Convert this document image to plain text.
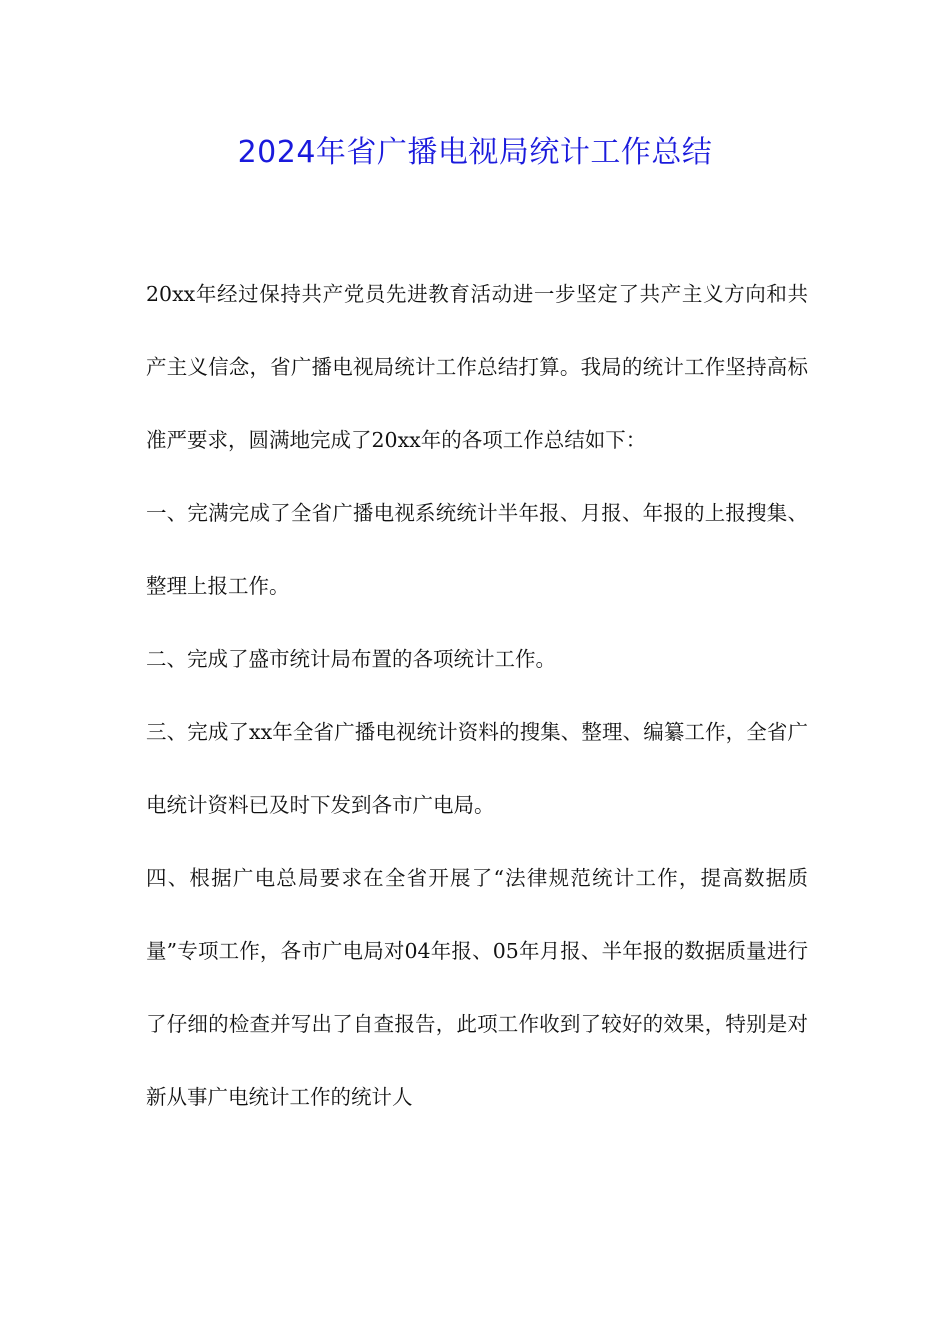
2024年省广播电视局统计工作总结

20xx年经过保持共产党员先进教育活动进一步坚定了共产主义方向和共产主义信念，省广播电视局统计工作总结打算。我局的统计工作坚持高标准严要求，圆满地完成了20xx年的各项工作总结如下：

一、完满完成了全省广播电视系统统计半年报、月报、年报的上报搜集、整理上报工作。

二、完成了盛市统计局布置的各项统计工作。

三、完成了xx年全省广播电视统计资料的搜集、整理、编纂工作，全省广电统计资料已及时下发到各市广电局。

四、根据广电总局要求在全省开展了“法律规范统计工作，提高数据质量”专项工作，各市广电局对04年报、05年月报、半年报的数据质量进行了仔细的检查并写出了自查报告，此项工作收到了较好的效果，特别是对新从事广电统计工作的统计人
